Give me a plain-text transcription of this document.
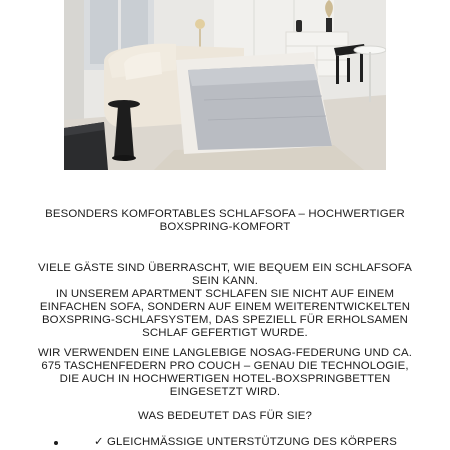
BESONDERS KOMFORTABLES SCHLAFSOFA – HOCHWERTIGER
BOXSPRING-KOMFORT
VIELE GÄSTE SIND ÜBERRASCHT, WIE BEQUEM EIN SCHLAFSOFA
SEIN KANN.
IN UNSEREM APARTMENT SCHLAFEN SIE NICHT AUF EINEM
EINFACHEN SOFA, SONDERN AUF EINEM WEITERENTWICKELTEN
BOXSPRING-SCHLAFSYSTEM, DAS SPEZIELL FÜR ERHOLSAMEN
SCHLAF GEFERTIGT WURDE.
WIR VERWENDEN EINE LANGLEBIGE NOSAG-FEDERUNG UND CA.
675 TASCHENFEDERN PRO COUCH – GENAU DIE TECHNOLOGIE,
DIE AUCH IN HOCHWERTIGEN HOTEL-BOXSPRINGBETTEN
EINGESETZT WIRD.
WAS BEDEUTET DAS FÜR SIE?
✓ GLEICHMÄSSIGE UNTERSTÜTZUNG DES KÖRPERS
